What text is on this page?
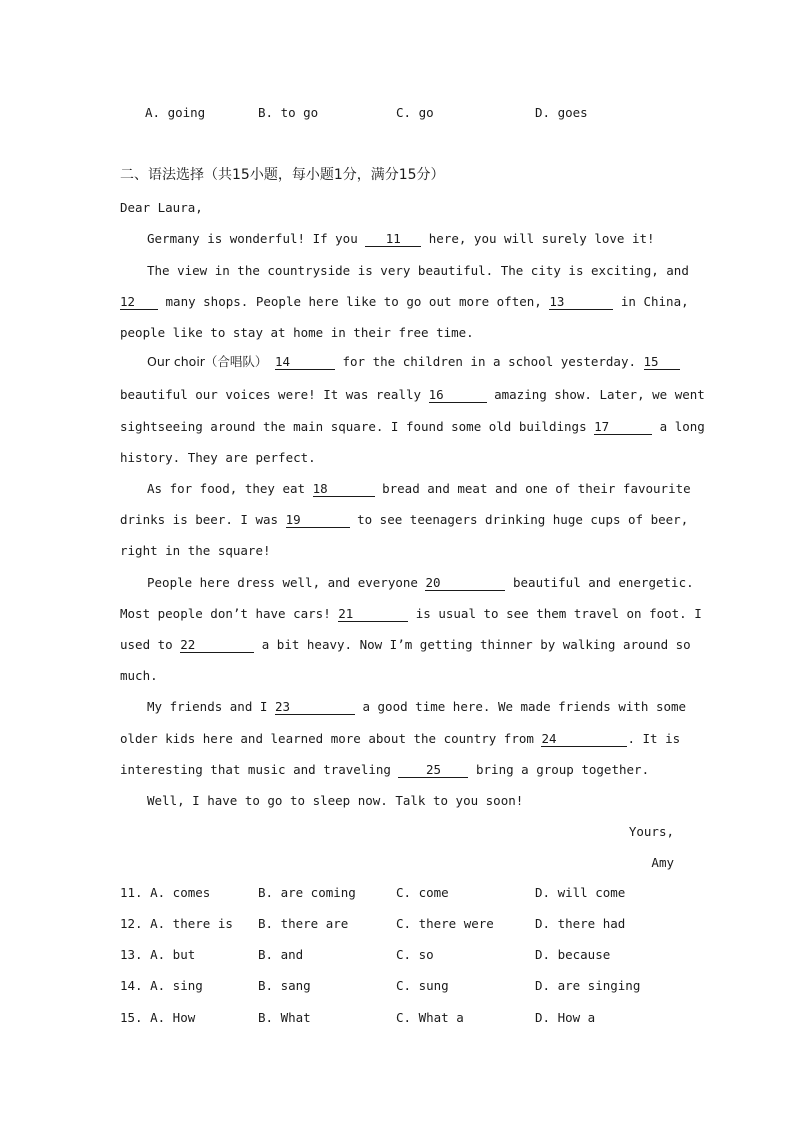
A. going	B. to go	C. go	D. goes
二、语法选择（共15小题，每小题1分，满分15分）
Dear Laura,
Germany is wonderful! If you 11 here, you will surely love it!
The view in the countryside is very beautiful. The city is exciting, and
12 many shops. People here like to go out more often, 13	in China,
people like to stay at home in their free time.
Our choir（合唱队） 14	for the children in a school yesterday. 15
beautiful our voices were! It was really 16	amazing show. Later, we went
sightseeing around the main square. I found some old buildings 17	a long
history. They are perfect.
As for food, they eat 18	bread and meat and one of their favourite
drinks is beer. I was 19	to see teenagers drinking huge cups of beer,
right in the square!
People here dress well, and everyone 20	beautiful and energetic.
Most people don’t have cars! 21	is usual to see them travel on foot. I
used to 22	a bit heavy. Now I’m getting thinner by walking around so
much.
My friends and I 23	a good time here. We made friends with some
older kids here and learned more about the country from 24	. It is
interesting that music and traveling	25	bring a group together.
Well, I have to go to sleep now. Talk to you soon!
Yours,
Amy
11. A. comes	B. are coming	C. come	D. will come
12. A. there is B. there are	C. there were	D. there had
13. A. but	B. and	C. so	D. because
14. A. sing	B. sang	C. sung	D. are singing
15. A. How	B. What	C. What a	D. How a
